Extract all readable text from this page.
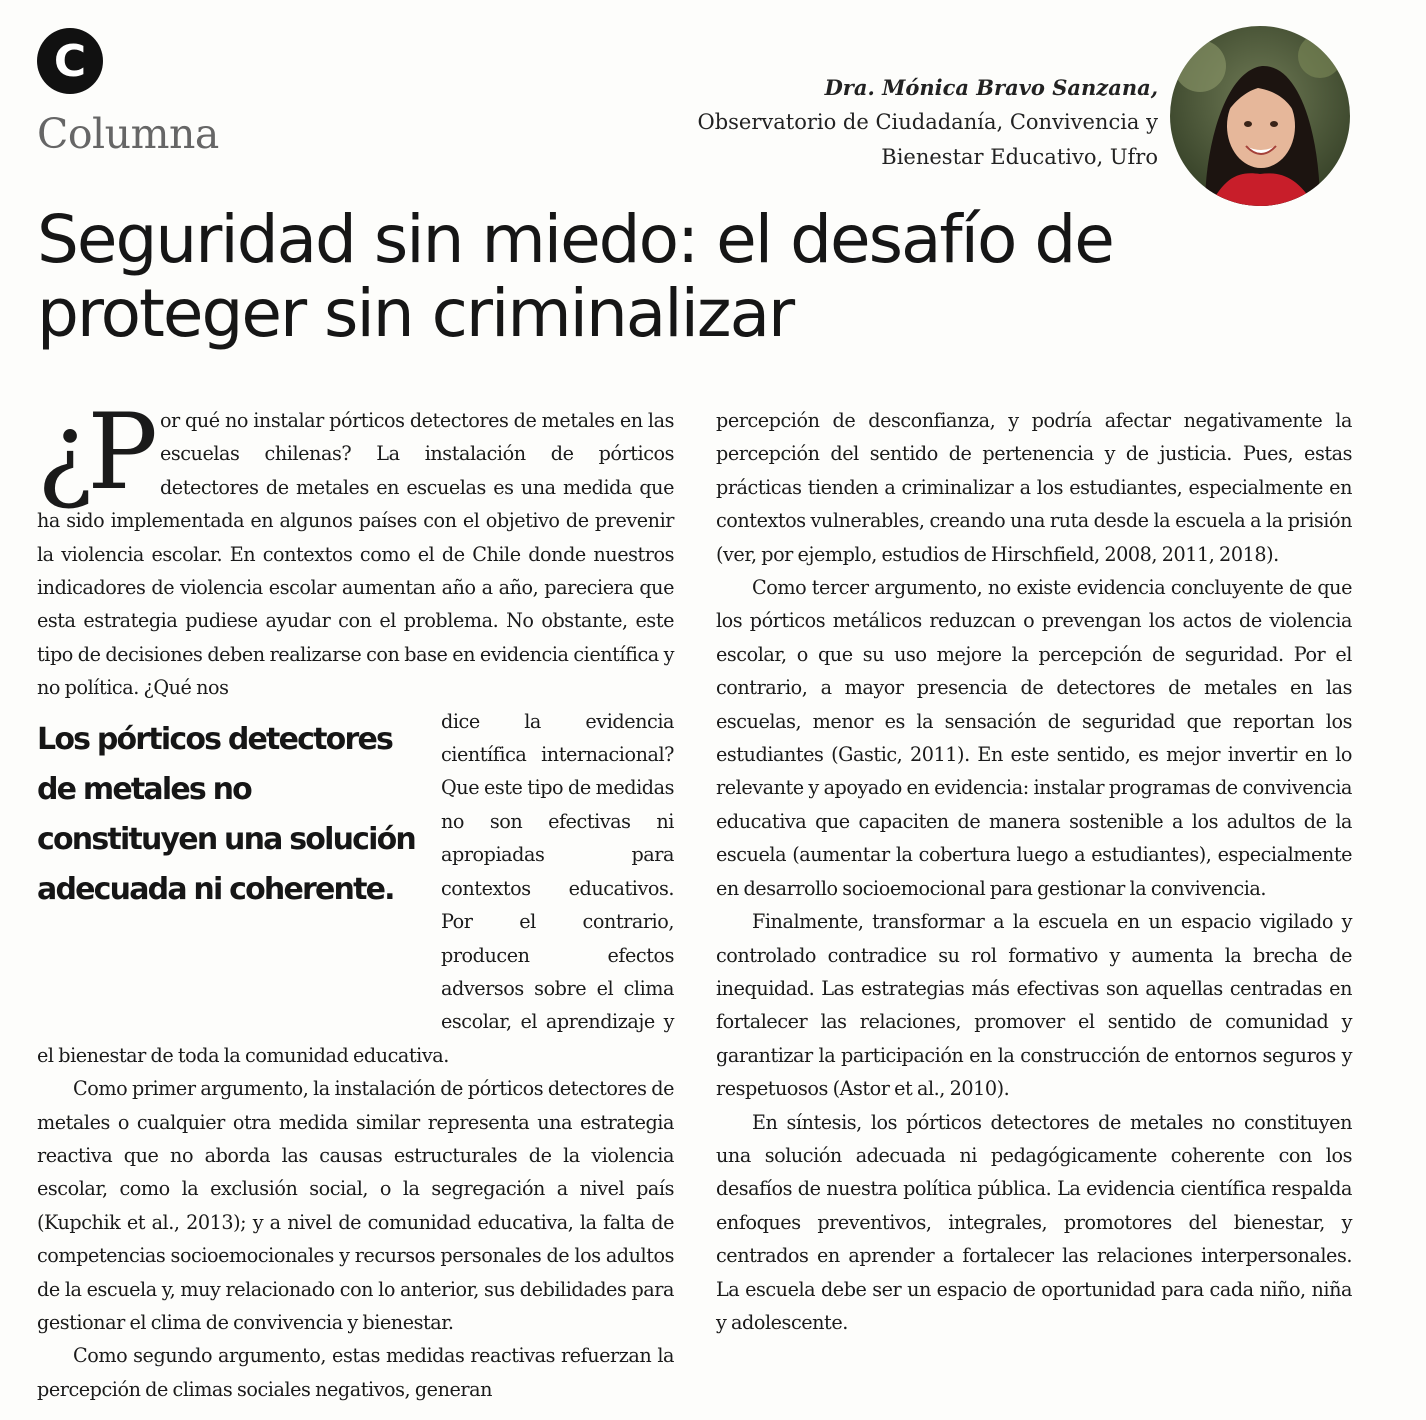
C
Columna
Dra. Mónica Bravo Sanzana,
Observatorio de Ciudadanía, Convivencia y
Bienestar Educativo, Ufro
Seguridad sin miedo: el desafío de proteger sin criminalizar

¿P or qué no instalar pórticos detectores de metales en las escuelas chilenas? La instalación de pórticos detectores de metales en escuelas es una medida que ha sido implementada en algunos países con el objetivo de prevenir la violencia escolar. En contextos como el de Chile donde nuestros indicadores de violencia escolar aumentan año a año, pareciera que esta estrategia pudiese ayudar con el problema. No obstante, este tipo de decisiones deben realizarse con base en evidencia científica y no política. ¿Qué nos

Los pórticos detectores de metales no constituyen una solución adecuada ni coherente.

dice la evidencia científica internacional? Que este tipo de medidas no son efectivas ni apropiadas para contextos educativos. Por el contrario, producen efectos adversos sobre el clima escolar, el aprendizaje y el bienestar de toda la comunidad educativa.

Como primer argumento, la instalación de pórticos detectores de metales o cualquier otra medida similar representa una estrategia reactiva que no aborda las causas estructurales de la violencia escolar, como la exclusión social, o la segregación a nivel país (Kupchik et al., 2013); y a nivel de comunidad educativa, la falta de competencias socioemocionales y recursos personales de los adultos de la escuela y, muy relacionado con lo anterior, sus debilidades para gestionar el clima de convivencia y bienestar.

Como segundo argumento, estas medidas reactivas refuerzan la percepción de climas sociales negativos, generan

percepción de desconfianza, y podría afectar negativamente la percepción del sentido de pertenencia y de justicia. Pues, estas prácticas tienden a criminalizar a los estudiantes, especialmente en contextos vulnerables, creando una ruta desde la escuela a la prisión (ver, por ejemplo, estudios de Hirschfield, 2008, 2011, 2018).

Como tercer argumento, no existe evidencia concluyente de que los pórticos metálicos reduzcan o prevengan los actos de violencia escolar, o que su uso mejore la percepción de seguridad. Por el contrario, a mayor presencia de detectores de metales en las escuelas, menor es la sensación de seguridad que reportan los estudiantes (Gastic, 2011). En este sentido, es mejor invertir en lo relevante y apoyado en evidencia: instalar programas de convivencia educativa que capaciten de manera sostenible a los adultos de la escuela (aumentar la cobertura luego a estudiantes), especialmente en desarrollo socioemocional para gestionar la convivencia.

Finalmente, transformar a la escuela en un espacio vigilado y controlado contradice su rol formativo y aumenta la brecha de inequidad. Las estrategias más efectivas son aquellas centradas en fortalecer las relaciones, promover el sentido de comunidad y garantizar la participación en la construcción de entornos seguros y respetuosos (Astor et al., 2010).

En síntesis, los pórticos detectores de metales no constituyen una solución adecuada ni pedagógicamente coherente con los desafíos de nuestra política pública. La evidencia científica respalda enfoques preventivos, integrales, promotores del bienestar, y centrados en aprender a fortalecer las relaciones interpersonales. La escuela debe ser un espacio de oportunidad para cada niño, niña y adolescente.
